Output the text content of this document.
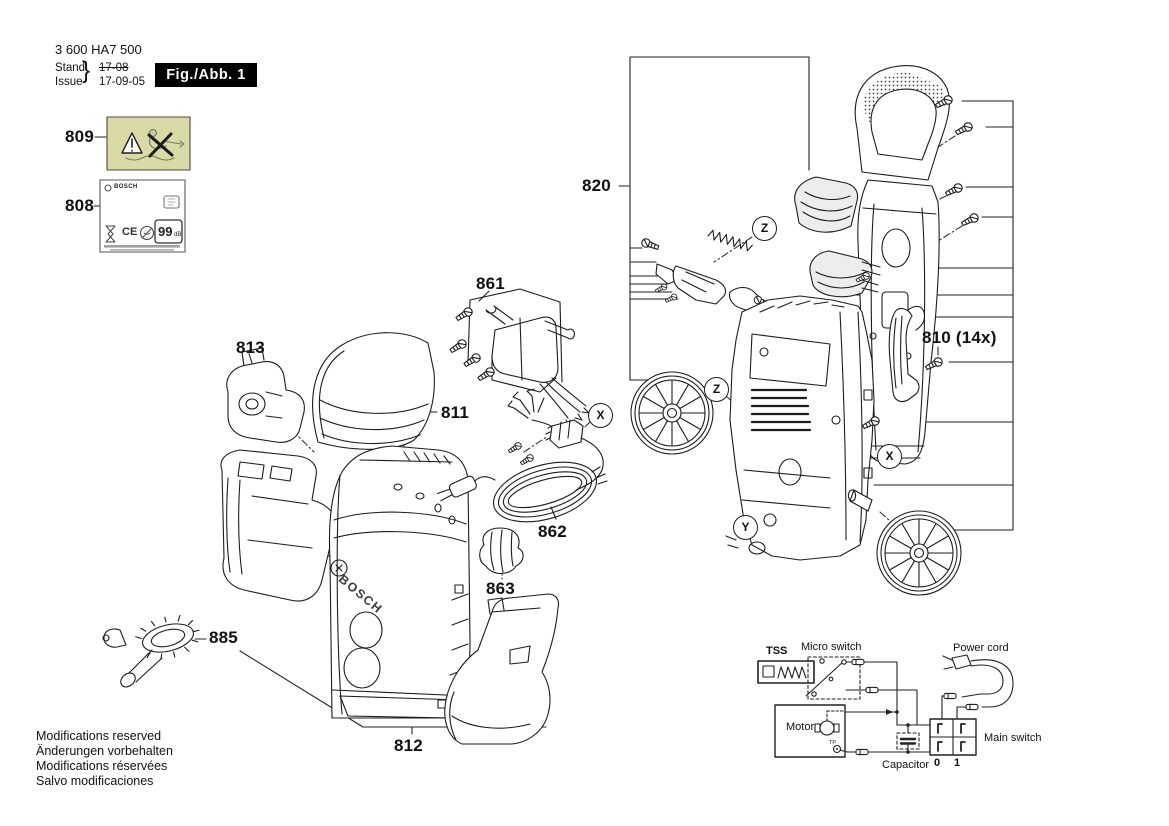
3 600 HA7 500
Stand
Issue } 17-08
17-09-05	Fig./Abb. 1
809
808
813
811
861
862
863
885
812
820
810 (14x)
X
X
Y
Z
Z
BOSCH
CE 99 dB
BOSCH
TSS Micro switch	Power cord
Motor
TP
Capacitor
Main switch
0 1
Modifications reserved
Änderungen vorbehalten
Modifications réservées
Salvo modificaciones
